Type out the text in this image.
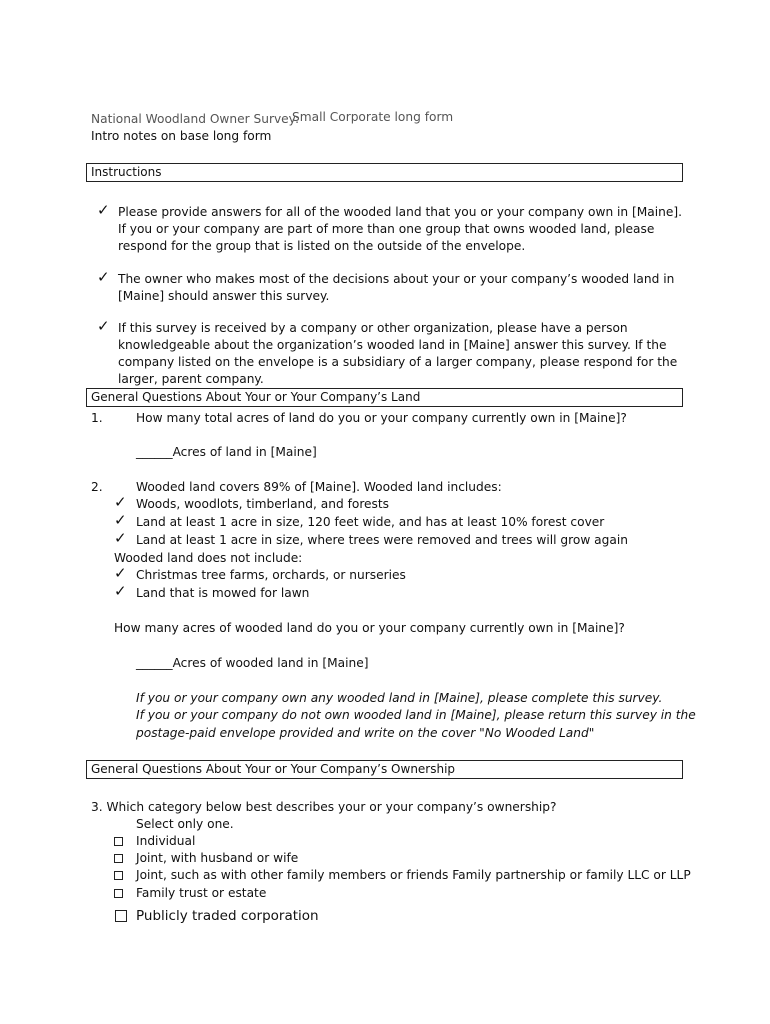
National Woodland Owner Survey:
Small Corporate long form
Intro notes on base long form
Instructions
✓ Please provide answers for all of the wooded land that you or your company own in [Maine]. If you or your company are part of more than one group that owns wooded land, please respond for the group that is listed on the outside of the envelope.
✓ The owner who makes most of the decisions about your or your company’s wooded land in [Maine] should answer this survey.
✓ If this survey is received by a company or other organization, please have a person knowledgeable about the organization’s wooded land in [Maine] answer this survey. If the company listed on the envelope is a subsidiary of a larger company, please respond for the larger, parent company.
General Questions About Your or Your Company’s Land
1.	How many total acres of land do you or your company currently own in [Maine]?
______Acres of land in [Maine]
2.	Wooded land covers 89% of [Maine]. Wooded land includes:
✓ Woods, woodlots, timberland, and forests
✓ Land at least 1 acre in size, 120 feet wide, and has at least 10% forest cover
✓ Land at least 1 acre in size, where trees were removed and trees will grow again
Wooded land does not include:
✓ Christmas tree farms, orchards, or nurseries
✓ Land that is mowed for lawn
How many acres of wooded land do you or your company currently own in [Maine]?
______Acres of wooded land in [Maine]
If you or your company own any wooded land in [Maine], please complete this survey.
If you or your company do not own wooded land in [Maine], please return this survey in the
postage-paid envelope provided and write on the cover "No Wooded Land"
General Questions About Your or Your Company’s Ownership
3. Which category below best describes your or your company’s ownership?
Select only one.
Individual
Joint, with husband or wife
Joint, such as with other family members or friends Family partnership or family LLC or LLP
Family trust or estate
Publicly traded corporation
